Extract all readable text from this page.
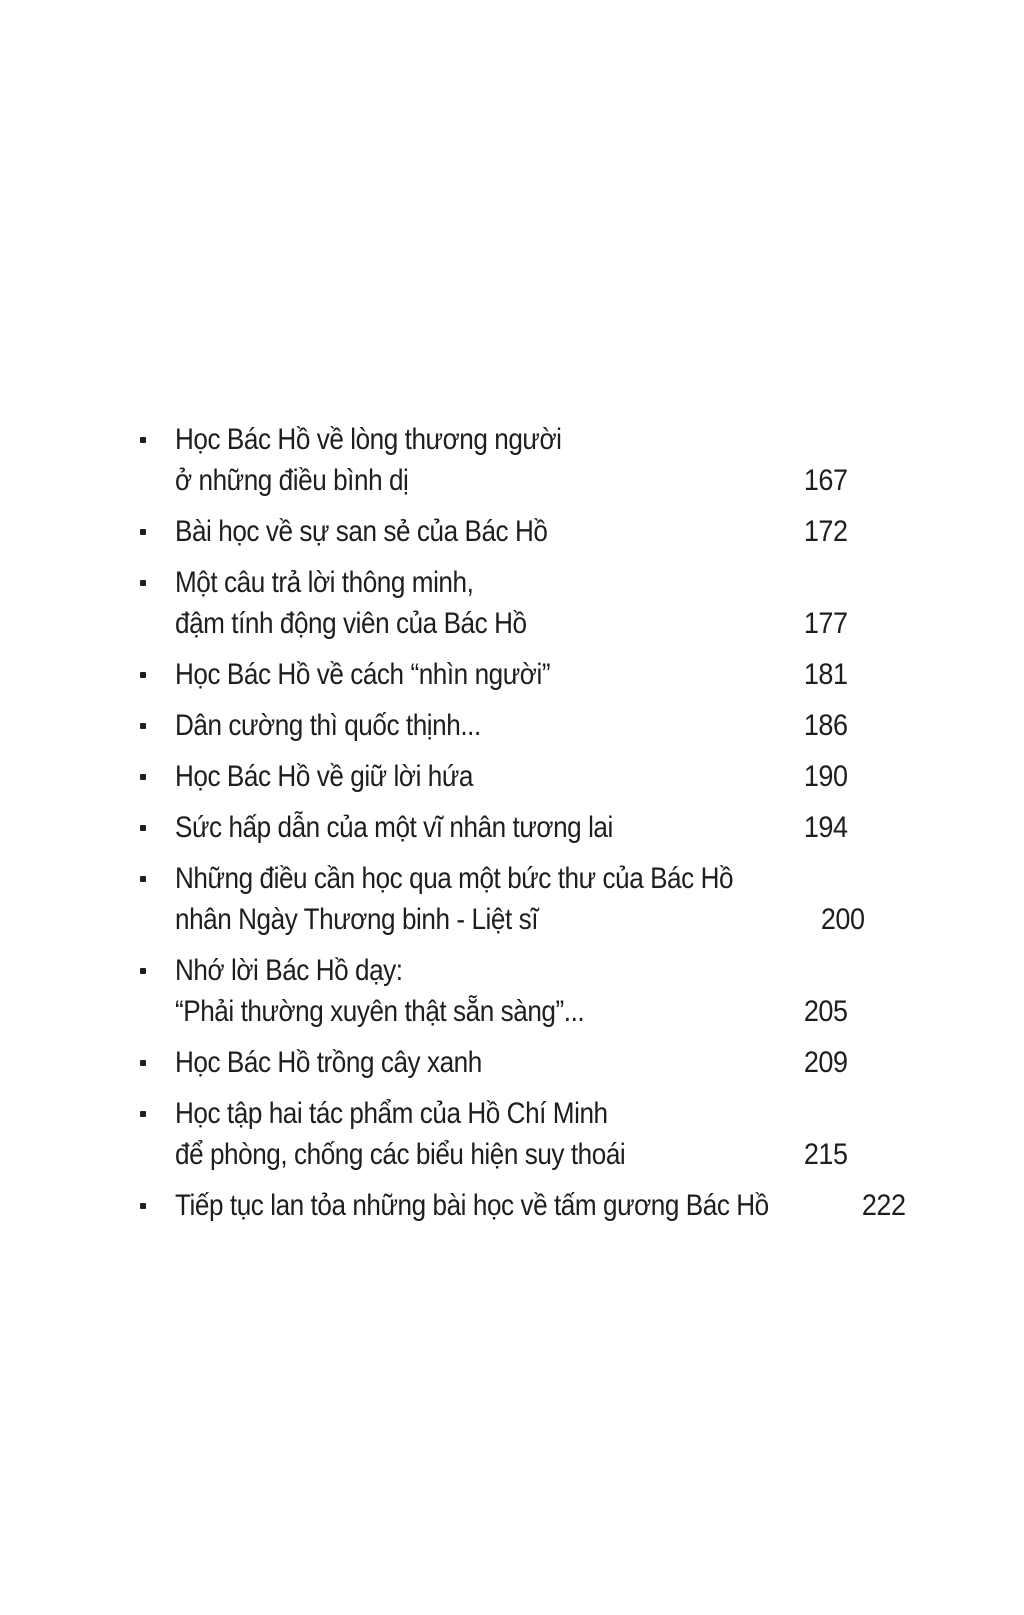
Học Bác Hồ về lòng thương người
ở những điều bình dị	167
Bài học về sự san sẻ của Bác Hồ	172
Một câu trả lời thông minh,
đậm tính động viên của Bác Hồ	177
Học Bác Hồ về cách “nhìn người”	181
Dân cường thì quốc thịnh...	186
Học Bác Hồ về giữ lời hứa	190
Sức hấp dẫn của một vĩ nhân tương lai	194
Những điều cần học qua một bức thư của Bác Hồ
nhân Ngày Thương binh - Liệt sĩ	200
Nhớ lời Bác Hồ dạy:
“Phải thường xuyên thật sẵn sàng”...	205
Học Bác Hồ trồng cây xanh	209
Học tập hai tác phẩm của Hồ Chí Minh
để phòng, chống các biểu hiện suy thoái	215
Tiếp tục lan tỏa những bài học về tấm gương Bác Hồ	222
